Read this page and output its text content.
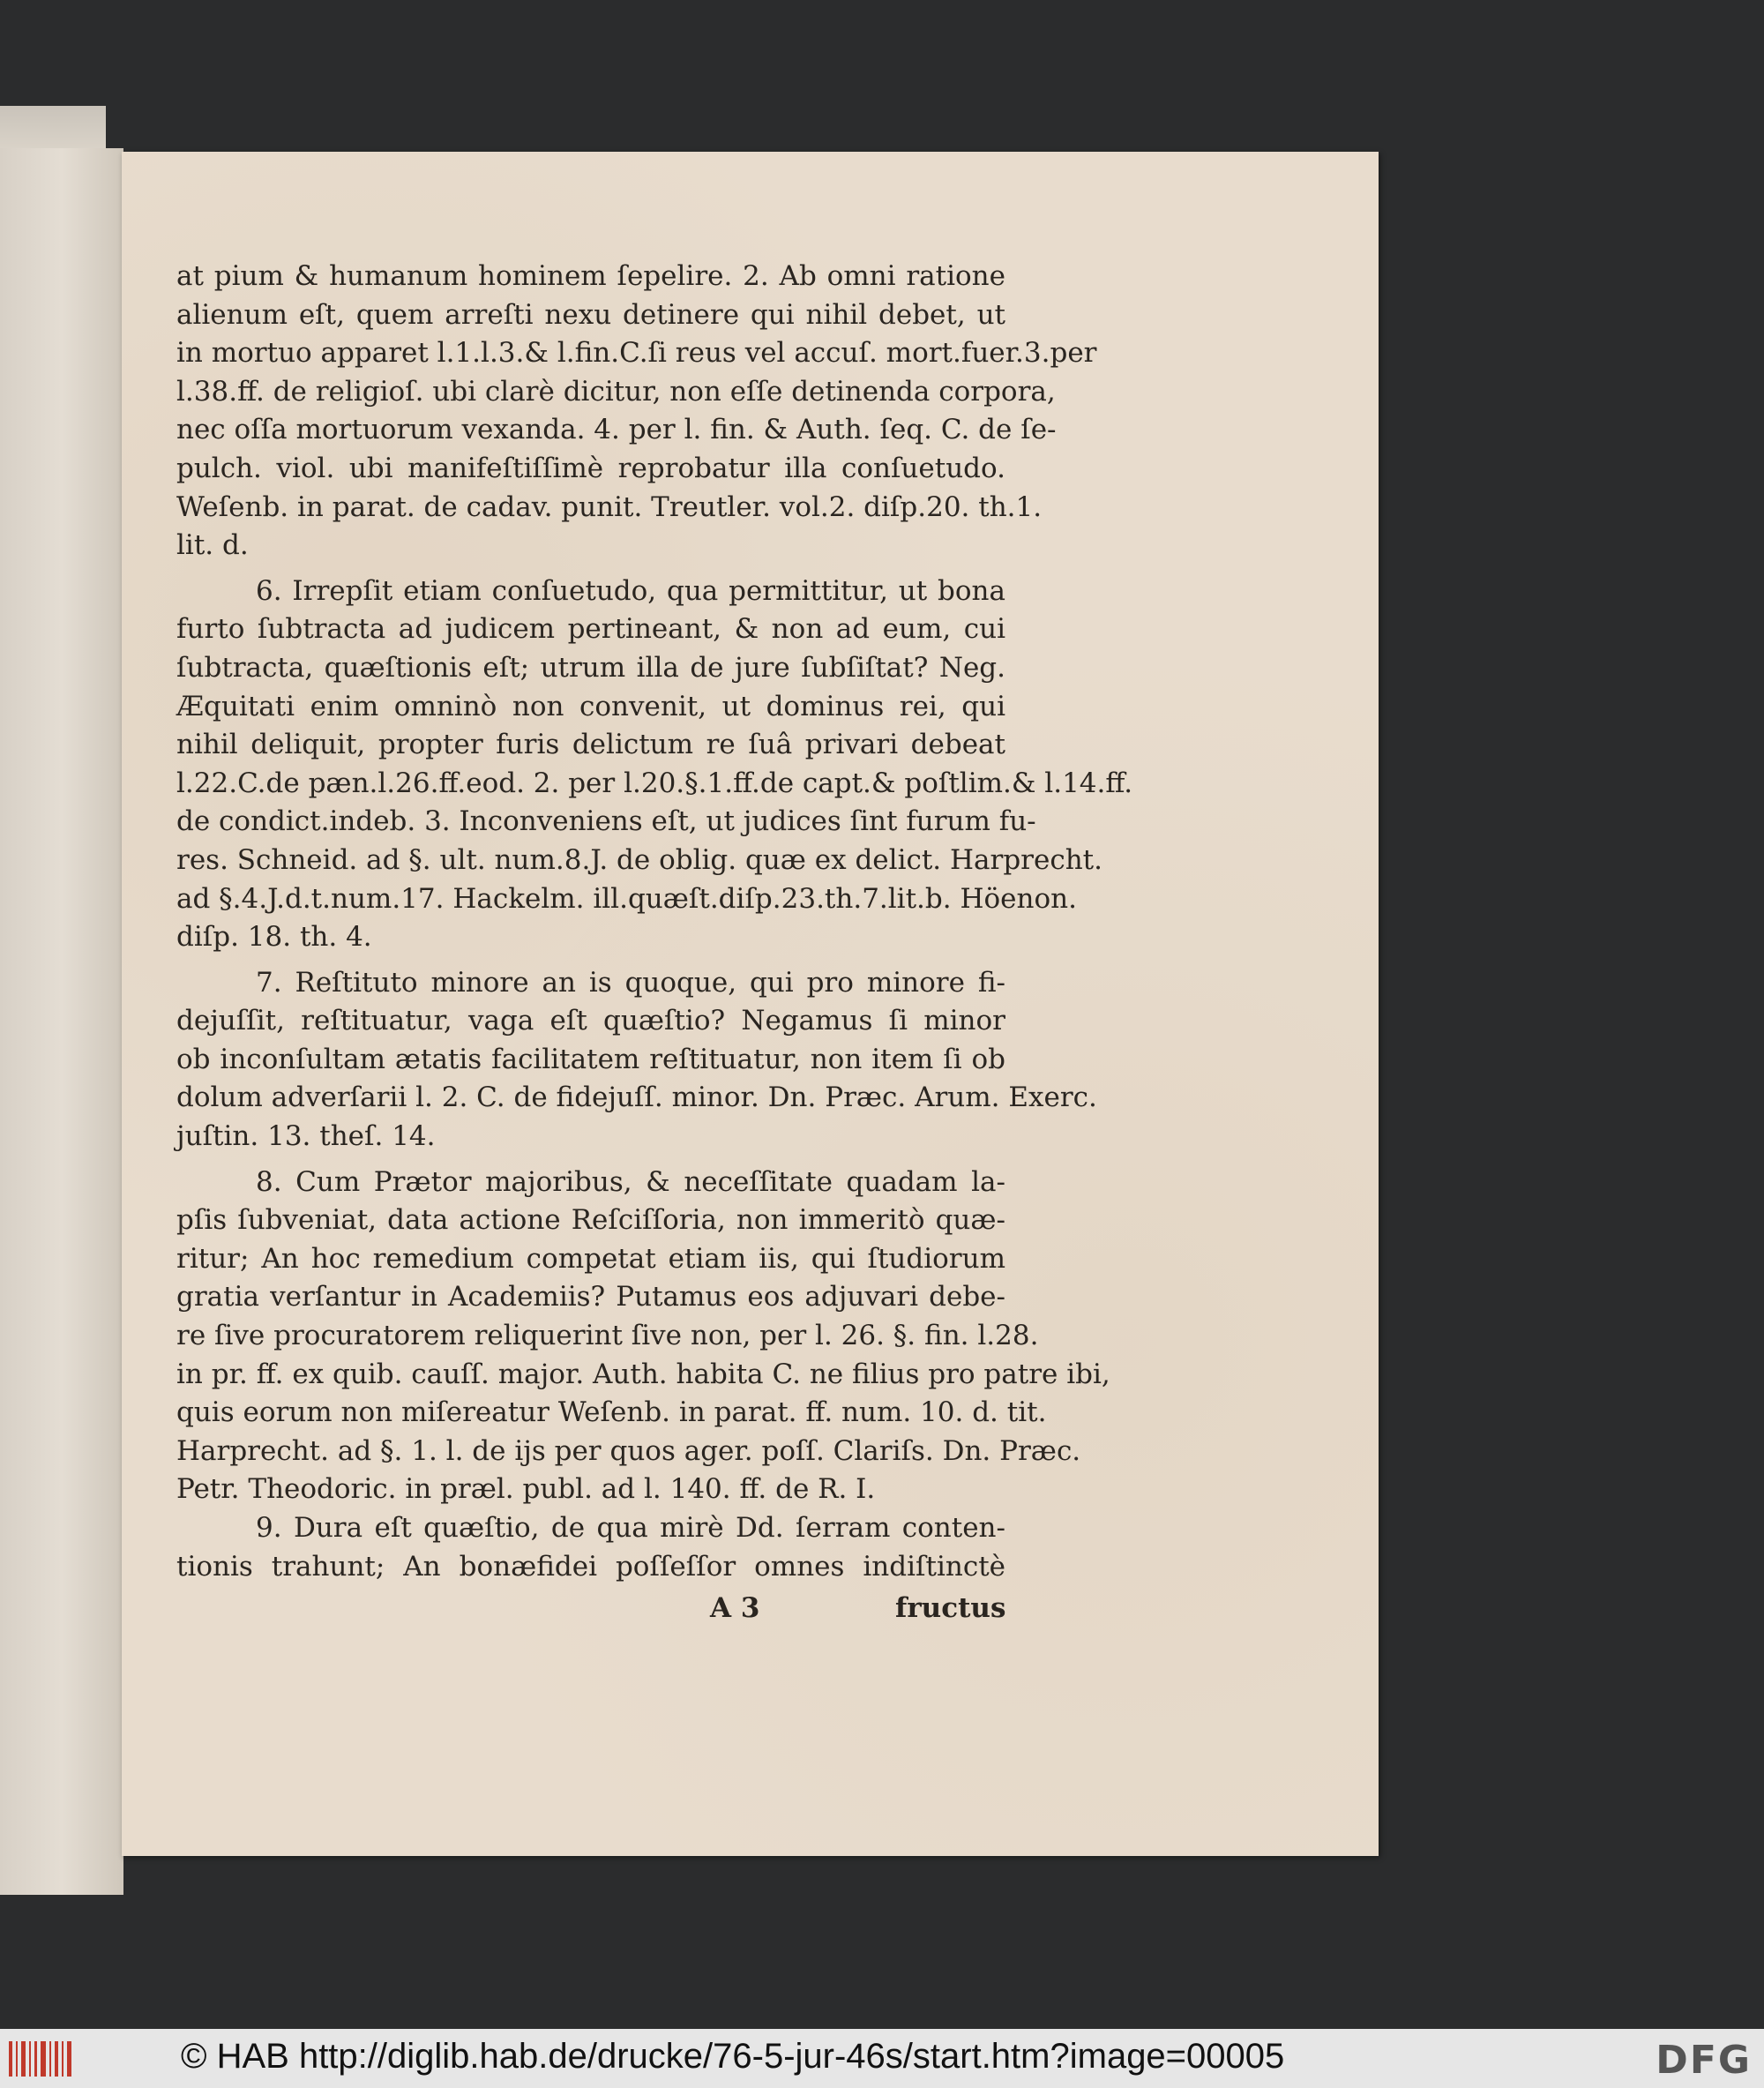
at pium & humanum hominem ſepelire. 2. Ab omni ratione
alienum eſt, quem arreſti nexu detinere qui nihil debet, ut
in mortuo apparet l.1.l.3.& l.fin.C.ſi reus vel accuſ. mort.fuer.3.per
l.38.ff. de religioſ. ubi clarè dicitur, non eſſe detinenda corpora,
nec oſſa mortuorum vexanda. 4. per l. fin. & Auth. ſeq. C. de ſe-
pulch. viol. ubi manifeſtiſſimè reprobatur illa conſuetudo.
Weſenb. in parat. de cadav. punit. Treutler. vol.2. diſp.20. th.1.
lit. d.
6. Irrepſit etiam conſuetudo, qua permittitur, ut bona
furto ſubtracta ad judicem pertineant, & non ad eum, cui
ſubtracta, quæſtionis eſt; utrum illa de jure ſubſiſtat? Neg.
Æquitati enim omninò non convenit, ut dominus rei, qui
nihil deliquit, propter furis delictum re ſuâ privari debeat
l.22.C.de pæn.l.26.ff.eod. 2. per l.20.§.1.ff.de capt.& poſtlim.& l.14.ff.
de condict.indeb. 3. Inconveniens eſt, ut judices ſint furum fu-
res. Schneid. ad §. ult. num.8.J. de oblig. quæ ex delict. Harprecht.
ad §.4.J.d.t.num.17. Hackelm. ill.quæſt.diſp.23.th.7.lit.b. Höenon.
diſp. 18. th. 4.
7. Reſtituto minore an is quoque, qui pro minore fi-
dejuſſit, reſtituatur, vaga eſt quæſtio? Negamus ſi minor
ob inconſultam ætatis facilitatem reſtituatur, non item ſi ob
dolum adverſarii l. 2. C. de fidejuſſ. minor. Dn. Præc. Arum. Exerc.
juſtin. 13. theſ. 14.
8. Cum Prætor majoribus, & neceſſitate quadam la-
pſis ſubveniat, data actione Reſciſſoria, non immeritò quæ-
ritur; An hoc remedium competat etiam iis, qui ſtudiorum
gratia verſantur in Academiis? Putamus eos adjuvari debe-
re ſive procuratorem reliquerint ſive non, per l. 26. §. fin. l.28.
in pr. ff. ex quib. cauſſ. major. Auth. habita C. ne filius pro patre ibi,
quis eorum non miſereatur Weſenb. in parat. ff. num. 10. d. tit.
Harprecht. ad §. 1. l. de ijs per quos ager. poſſ. Clariſs. Dn. Præc.
Petr. Theodoric. in præl. publ. ad l. 140. ff. de R. I.
9. Dura eſt quæſtio, de qua mirè Dd. ſerram conten-
tionis trahunt; An bonæfidei poſſeſſor omnes indiſtinctè
A 3	fructus
© HAB http://diglib.hab.de/drucke/76-5-jur-46s/start.htm?image=00005	DFG
